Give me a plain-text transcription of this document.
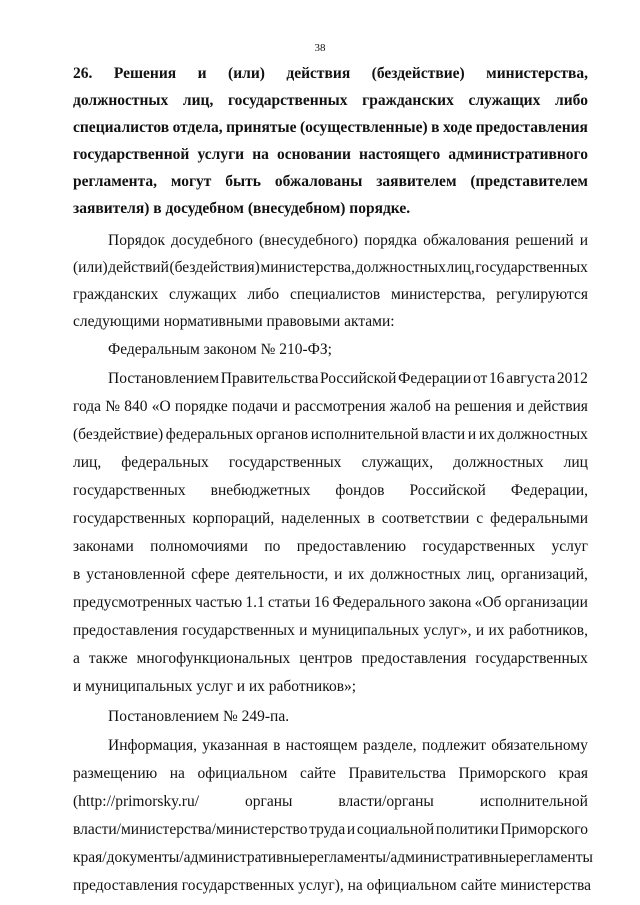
38
26. Решения и (или) действия (бездействие) министерства,
должностных лиц, государственных гражданских служащих либо
специалистов отдела, принятые (осуществленные) в ходе предоставления
государственной услуги на основании настоящего административного
регламента, могут быть обжалованы заявителем (представителем
заявителя) в досудебном (внесудебном) порядке.
Порядок досудебного (внесудебного) порядка обжалования решений и
(или) действий (бездействия) министерства, должностных лиц, государственных
гражданских служащих либо специалистов министерства, регулируются
следующими нормативными правовыми актами:
Федеральным законом № 210-ФЗ;
Постановлением Правительства Российской Федерации от 16 августа 2012
года № 840 «О порядке подачи и рассмотрения жалоб на решения и действия
(бездействие) федеральных органов исполнительной власти и их должностных
лиц, федеральных государственных служащих, должностных лиц
государственных внебюджетных фондов Российской Федерации,
государственных корпораций, наделенных в соответствии с федеральными
законами полномочиями по предоставлению государственных услуг
в установленной сфере деятельности, и их должностных лиц, организаций,
предусмотренных частью 1.1 статьи 16 Федерального закона «Об организации
предоставления государственных и муниципальных услуг», и их работников,
а также многофункциональных центров предоставления государственных
и муниципальных услуг и их работников»;
Постановлением № 249-па.
Информация, указанная в настоящем разделе, подлежит обязательному
размещению на официальном сайте Правительства Приморского края
(http://primorsky.ru/	органы	власти/органы	исполнительной
власти/министерства/министерство труда и социальной политики Приморского
края/документы/административные регламенты/административные регламенты
предоставления государственных услуг), на официальном сайте министерства
